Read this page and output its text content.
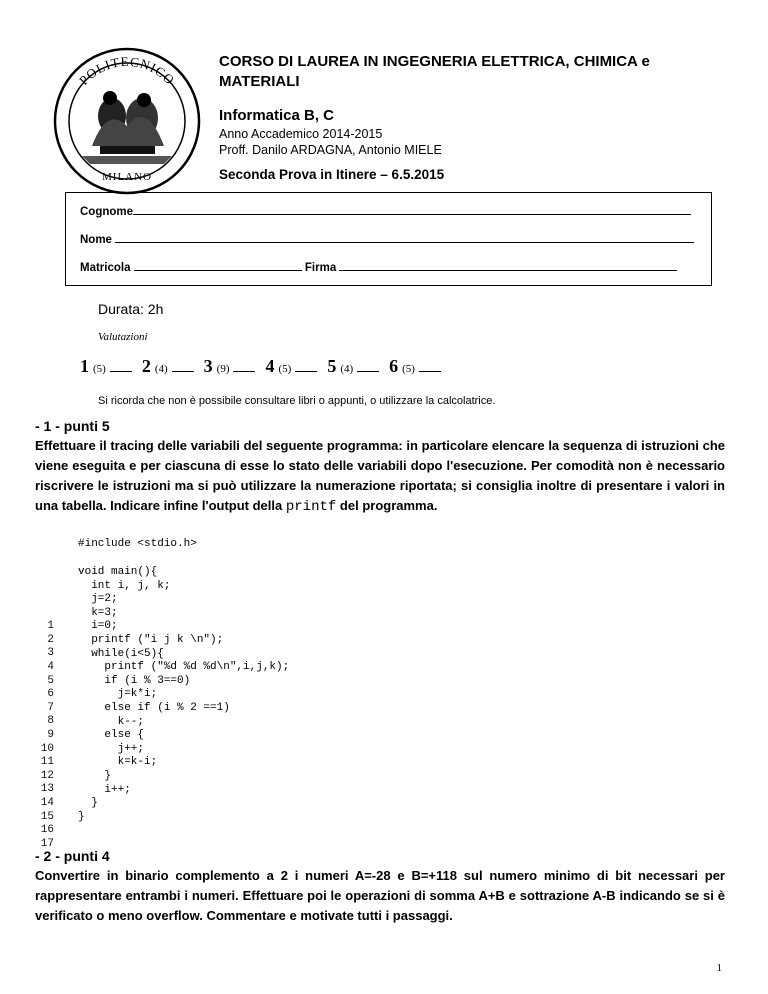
POLITECNICO
MILANO
CORSO DI LAUREA IN INGEGNERIA ELETTRICA, CHIMICA e MATERIALI
Informatica B, C
Anno Accademico 2014-2015
Proff. Danilo ARDAGNA, Antonio MIELE
Seconda Prova in Itinere – 6.5.2015
Cognome
Nome
Matricola	Firma
Durata: 2h
Valutazioni
1 (5) 2 (4) 3 (9) 4 (5) 5 (4) 6 (5)
Si ricorda che non è possibile consultare libri o appunti, o utilizzare la calcolatrice.
- 1 - punti 5
Effettuare il tracing delle variabili del seguente programma: in particolare elencare la sequenza di istruzioni che viene eseguita e per ciascuna di esse lo stato delle variabili dopo l'esecuzione. Per comodità non è necessario riscrivere le istruzioni ma si può utilizzare la numerazione riportata; si consiglia inoltre di presentare i valori in una tabella. Indicare infine l'output della printf del programma.
#include <stdio.h>

1
2
3
4
5
6
7
8
9
10
11
12
13
14
15
16
17
void main(){
int i, j, k;
j=2;
k=3;
i=0;
printf ("i j k \n");
while(i<5){
printf ("%d %d %d\n",i,j,k);
if (i % 3==0)
j=k*i;
else if (i % 2 ==1)
k--;
else {
j++;
k=k-i;
}
i++;
}
}
- 2 - punti 4
Convertire in binario complemento a 2 i numeri A=-28 e B=+118 sul numero minimo di bit necessari per rappresentare entrambi i numeri. Effettuare poi le operazioni di somma A+B e sottrazione A-B indicando se si è verificato o meno overflow. Commentare e motivate tutti i passaggi.
1
